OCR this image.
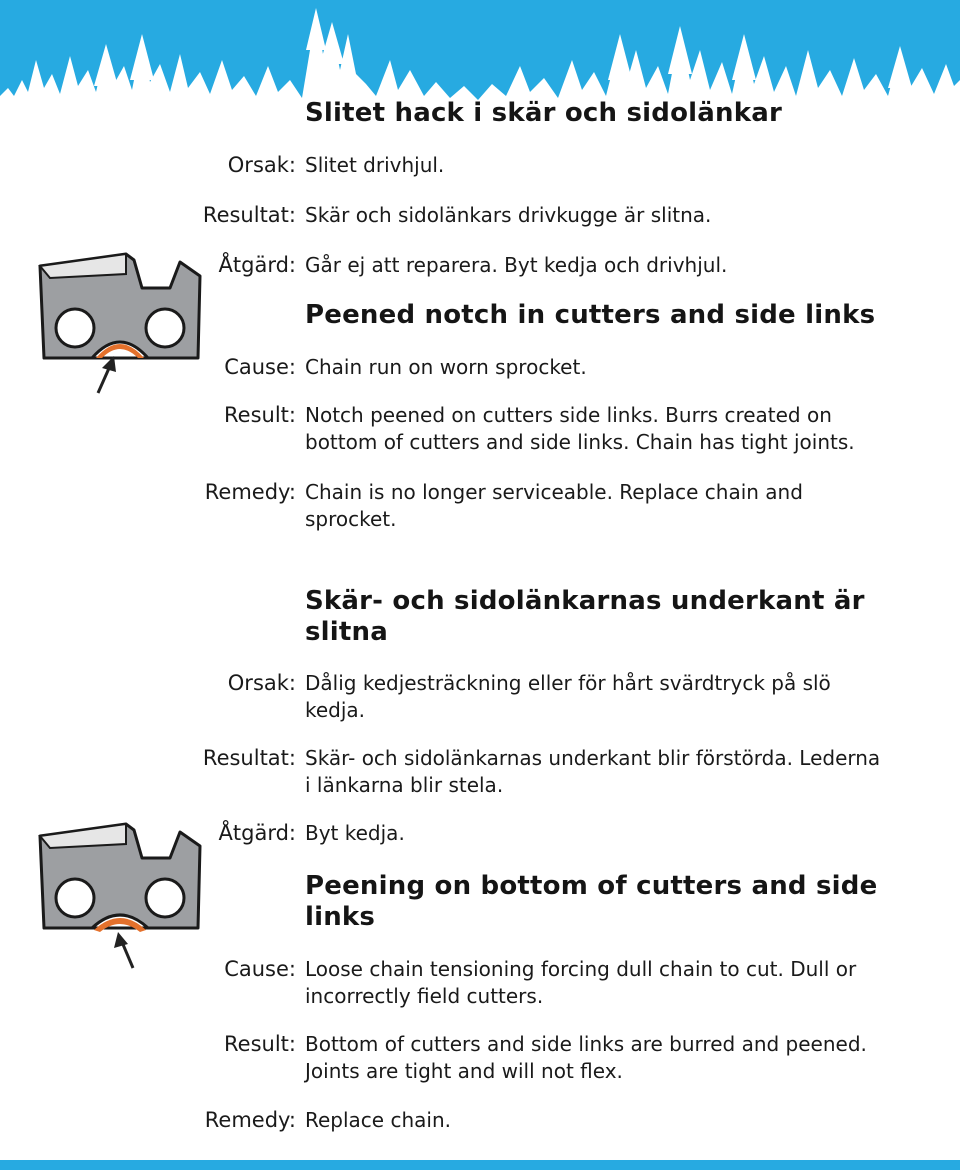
Slitet hack i skär och sidolänkar
Orsak: Slitet drivhjul.
Resultat: Skär och sidolänkars drivkugge är slitna.
Åtgärd: Går ej att reparera. Byt kedja och drivhjul.
Peened notch in cutters and side links
Cause: Chain run on worn sprocket.
Result: Notch peened on cutters side links. Burrs created on bottom of cutters and side links. Chain has tight joints.
Remedy: Chain is no longer serviceable. Replace chain and sprocket.
Skär- och sidolänkarnas underkant är slitna
Orsak: Dålig kedjesträckning eller för hårt svärdtryck på slö kedja.
Resultat: Skär- och sidolänkarnas underkant blir förstörda. Lederna i länkarna blir stela.
Åtgärd: Byt kedja.
Peening on bottom of cutters and side links
Cause: Loose chain tensioning forcing dull chain to cut. Dull or incorrectly field cutters.
Result: Bottom of cutters and side links are burred and peened. Joints are tight and will not flex.
Remedy: Replace chain.
